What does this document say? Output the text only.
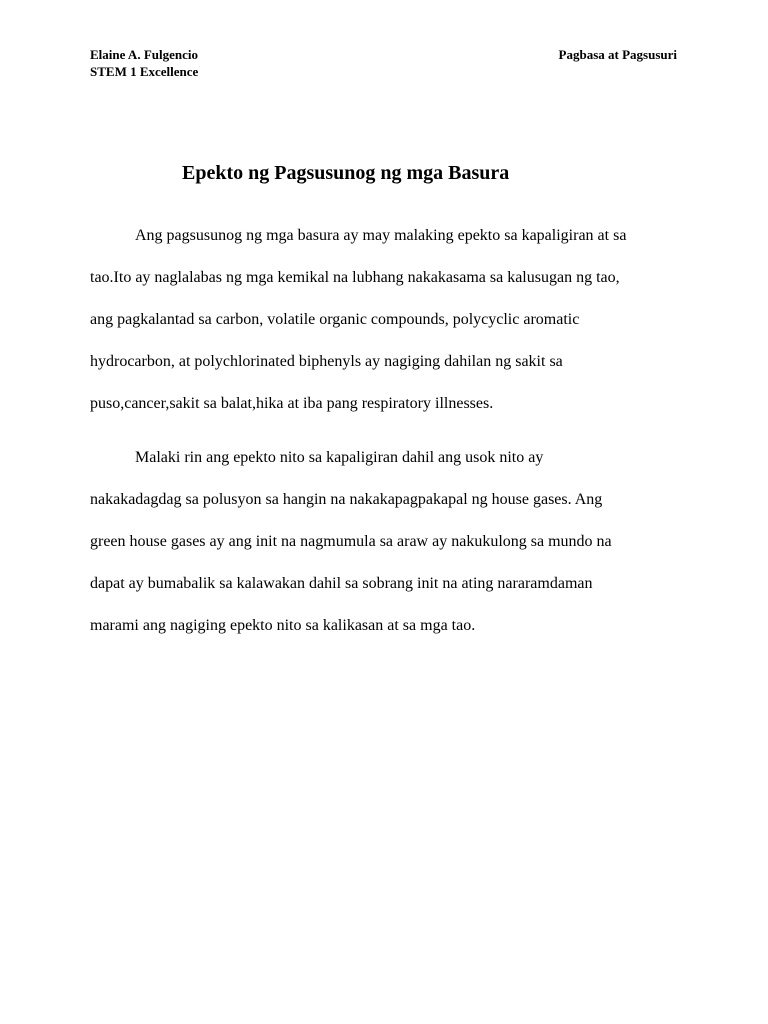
Elaine A. Fulgencio
STEM 1 Excellence
Pagbasa at Pagsusuri
Epekto ng Pagsusunog ng mga Basura
Ang pagsusunog ng mga basura ay may malaking epekto sa kapaligiran at sa
tao.Ito ay naglalabas ng mga kemikal na lubhang nakakasama sa kalusugan ng tao,
ang pagkalantad sa carbon, volatile organic compounds, polycyclic aromatic
hydrocarbon, at polychlorinated biphenyls ay nagiging dahilan ng sakit sa
puso,cancer,sakit sa balat,hika at iba pang respiratory illnesses.
Malaki rin ang epekto nito sa kapaligiran dahil ang usok nito ay
nakakadagdag sa polusyon sa hangin na nakakapagpakapal ng house gases. Ang
green house gases ay ang init na nagmumula sa araw ay nakukulong sa mundo na
dapat ay bumabalik sa kalawakan dahil sa sobrang init na ating nararamdaman
marami ang nagiging epekto nito sa kalikasan at sa mga tao.
